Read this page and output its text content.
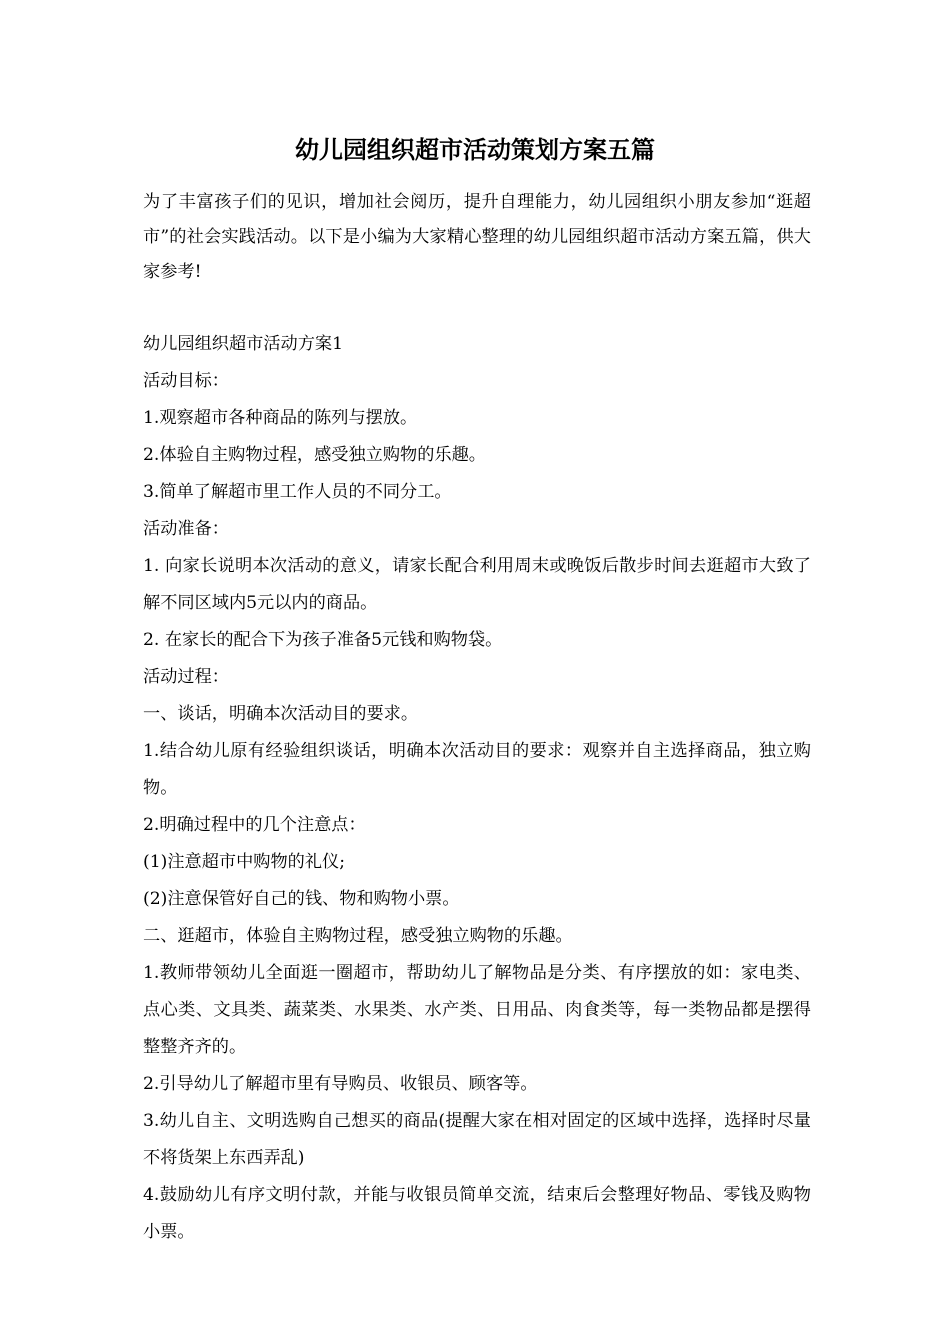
幼儿园组织超市活动策划方案五篇

为了丰富孩子们的见识，增加社会阅历，提升自理能力，幼儿园组织小朋友参加“逛超市”的社会实践活动。以下是小编为大家精心整理的幼儿园组织超市活动方案五篇，供大家参考!

幼儿园组织超市活动方案1

活动目标：

1.观察超市各种商品的陈列与摆放。

2.体验自主购物过程，感受独立购物的乐趣。

3.简单了解超市里工作人员的不同分工。

活动准备：

1. 向家长说明本次活动的意义，请家长配合利用周末或晚饭后散步时间去逛超市大致了解不同区域内5元以内的商品。

2. 在家长的配合下为孩子准备5元钱和购物袋。

活动过程：

一、谈话，明确本次活动目的要求。

1.结合幼儿原有经验组织谈话，明确本次活动目的要求：观察并自主选择商品，独立购物。

2.明确过程中的几个注意点：

(1)注意超市中购物的礼仪;

(2)注意保管好自己的钱、物和购物小票。

二、逛超市，体验自主购物过程，感受独立购物的乐趣。

1.教师带领幼儿全面逛一圈超市，帮助幼儿了解物品是分类、有序摆放的如：家电类、点心类、文具类、蔬菜类、水果类、水产类、日用品、肉食类等，每一类物品都是摆得整整齐齐的。

2.引导幼儿了解超市里有导购员、收银员、顾客等。

3.幼儿自主、文明选购自己想买的商品(提醒大家在相对固定的区域中选择，选择时尽量不将货架上东西弄乱)

4.鼓励幼儿有序文明付款，并能与收银员简单交流，结束后会整理好物品、零钱及购物小票。
